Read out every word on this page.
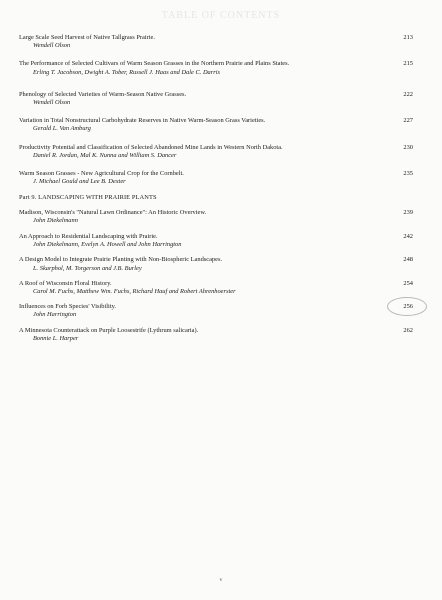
TABLE OF CONTENTS
Large Scale Seed Harvest of Native Tallgrass Prairie.
Wendell Olson
213
The Performance of Selected Cultivars of Warm Season Grasses in the Northern Prairie and Plains States.
Erling T. Jacobson, Dwight A. Tober, Russell J. Haas and Dale C. Darris
215
Phenology of Selected Varieties of Warm-Season Native Grasses.
Wendell Olson
222
Variation in Total Nonstructural Carbohydrate Reserves in Native Warm-Season Grass Varieties.
Gerald L. Van Amburg
227
Productivity Potential and Classification of Selected Abandoned Mine Lands in Western North Dakota.
Daniel R. Jordan, Mal K. Nunna and William S. Dancer
230
Warm Season Grasses - New Agricultural Crop for the Cornbelt.
J. Michael Gould and Lee B. Dexter
235
Part 9. LANDSCAPING WITH PRAIRIE PLANTS
Madison, Wisconsin's "Natural Lawn Ordinance": An Historic Overview.
John Diekelmann
239
An Approach to Residential Landscaping with Prairie.
John Diekelmann, Evelyn A. Howell and John Harrington
242
A Design Model to Integrate Prairie Planting with Non-Biospheric Landscapes.
L. Skarphol, M. Torgerson and J.B. Burley
248
A Roof of Wisconsin Floral History.
Carol M. Fuchs, Matthew Wm. Fuchs, Richard Hauf and Robert Ahrenhoerster
254
Influences on Forb Species' Visibility.
John Harrington
256
A Minnesota Counterattack on Purple Loosestrife (Lythrum salicaria).
Bonnie L. Harper
262
v
